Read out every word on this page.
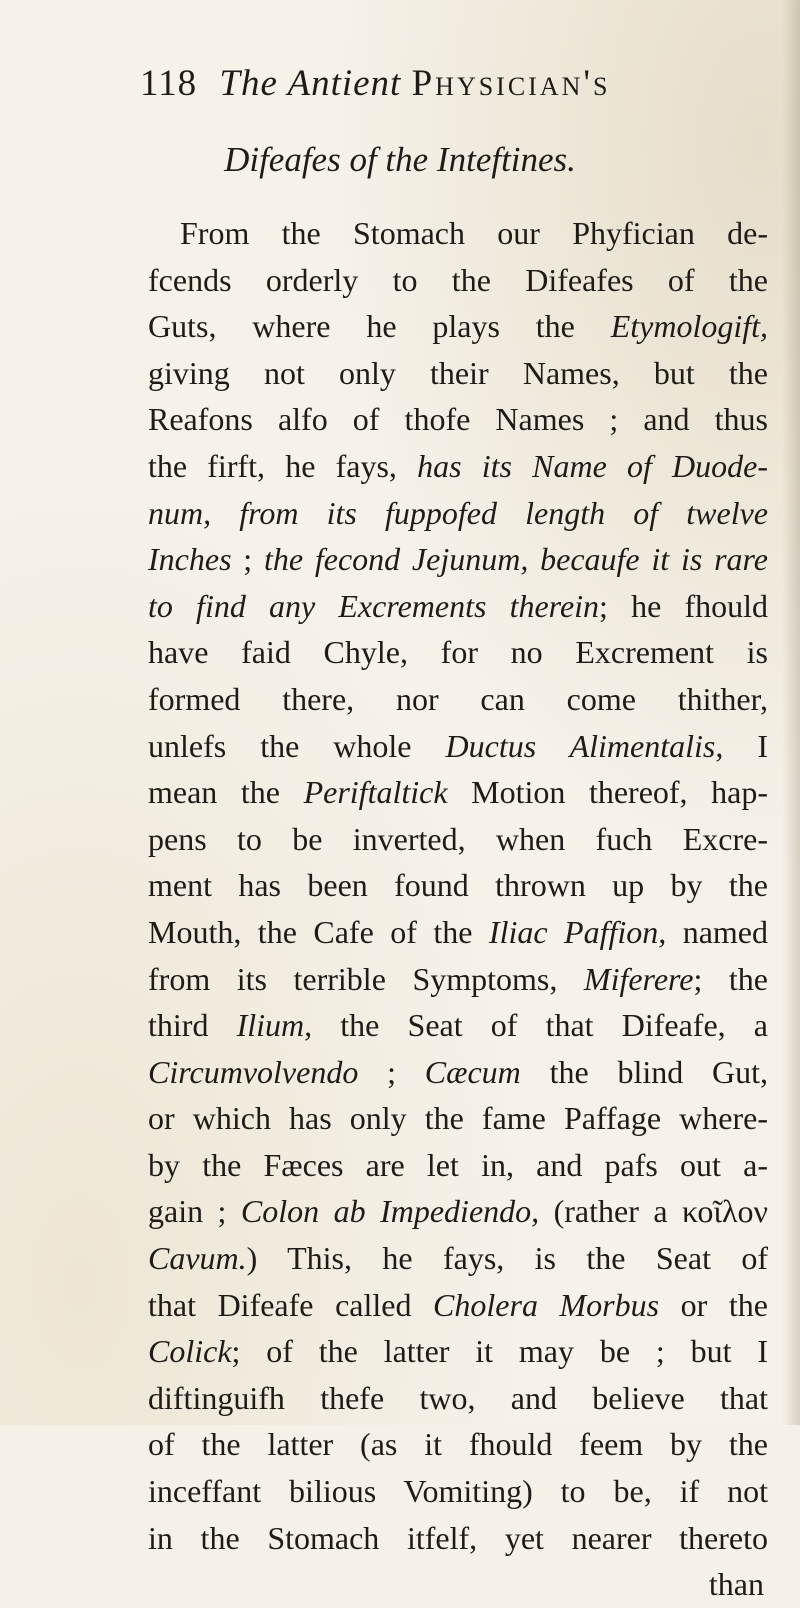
118 The Antient Physician's
Difeafes of the Inteftines.
From the Stomach our Phyfician de-
fcends orderly to the Difeafes of the
Guts, where he plays the Etymologift,
giving not only their Names, but the
Reafons alfo of thofe Names ; and thus
the firft, he fays, has its Name of Duode-
num, from its fuppofed length of twelve
Inches ; the fecond Jejunum, becaufe it is rare
to find any Excrements therein; he fhould
have faid Chyle, for no Excrement is
formed there, nor can come thither,
unlefs the whole Ductus Alimentalis, I
mean the Periftaltick Motion thereof, hap-
pens to be inverted, when fuch Excre-
ment has been found thrown up by the
Mouth, the Cafe of the Iliac Paffion, named
from its terrible Symptoms, Miferere; the
third Ilium, the Seat of that Difeafe, a
Circumvolvendo ; Cæcum the blind Gut,
or which has only the fame Paffage where-
by the Fæces are let in, and pafs out a-
gain ; Colon ab Impediendo, (rather a κοῖλον
Cavum.) This, he fays, is the Seat of
that Difeafe called Cholera Morbus or the
Colick; of the latter it may be ; but I
diftinguifh thefe two, and believe that
of the latter (as it fhould feem by the
inceffant bilious Vomiting) to be, if not
in the Stomach itfelf, yet nearer thereto
than
